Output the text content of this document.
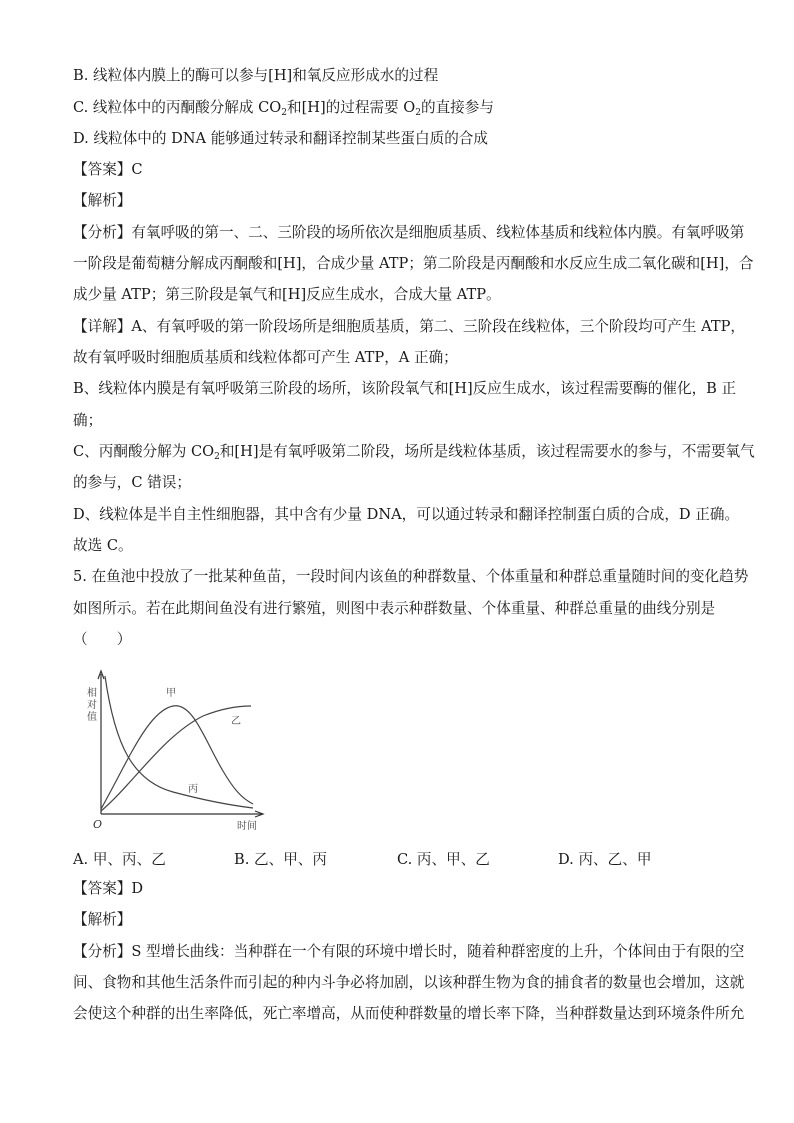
B. 线粒体内膜上的酶可以参与[H]和氧反应形成水的过程
C. 线粒体中的丙酮酸分解成 $CO_2$和[H]的过程需要 $O_2$的直接参与
D. 线粒体中的 DNA 能够通过转录和翻译控制某些蛋白质的合成
【答案】C
【解析】
【分析】有氧呼吸的第一、二、三阶段的场所依次是细胞质基质、线粒体基质和线粒体内膜。有氧呼吸第
一阶段是葡萄糖分解成丙酮酸和[H]，合成少量 ATP；第二阶段是丙酮酸和水反应生成二氧化碳和[H]，合
成少量 ATP；第三阶段是氧气和[H]反应生成水，合成大量 ATP。
【详解】A、有氧呼吸的第一阶段场所是细胞质基质，第二、三阶段在线粒体，三个阶段均可产生 ATP，
故有氧呼吸时细胞质基质和线粒体都可产生 ATP，A 正确；
B、线粒体内膜是有氧呼吸第三阶段的场所，该阶段氧气和[H]反应生成水，该过程需要酶的催化，B 正
确；
C、丙酮酸分解为 $CO_2$和[H]是有氧呼吸第二阶段，场所是线粒体基质，该过程需要水的参与，不需要氧气
的参与，C 错误；
D、线粒体是半自主性细胞器，其中含有少量 DNA，可以通过转录和翻译控制蛋白质的合成，D 正确。
故选 C。
5. 在鱼池中投放了一批某种鱼苗，一段时间内该鱼的种群数量、个体重量和种群总重量随时间的变化趋势
如图所示。若在此期间鱼没有进行繁殖，则图中表示种群数量、个体重量、种群总重量的曲线分别是
（　　）
相
对
值
甲
乙
丙
O	时间
A. 甲、丙、乙	B. 乙、甲、丙	C. 丙、甲、乙	D. 丙、乙、甲
【答案】D
【解析】
【分析】S 型增长曲线：当种群在一个有限的环境中增长时，随着种群密度的上升，个体间由于有限的空
间、食物和其他生活条件而引起的种内斗争必将加剧，以该种群生物为食的捕食者的数量也会增加，这就
会使这个种群的出生率降低，死亡率增高，从而使种群数量的增长率下降，当种群数量达到环境条件所允
